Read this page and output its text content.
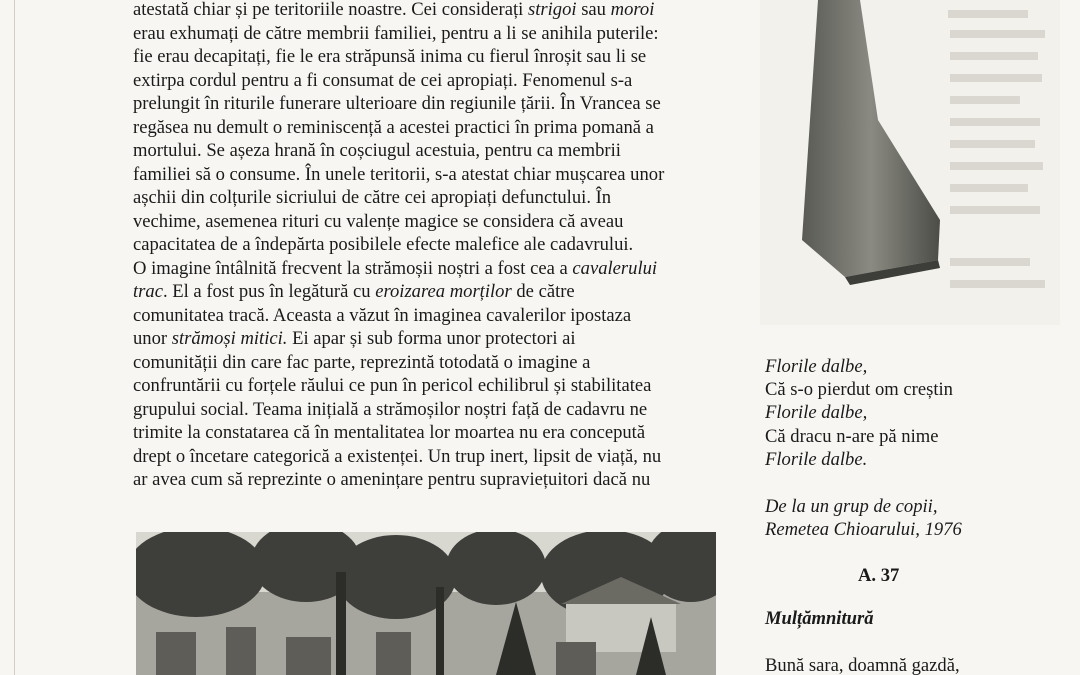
atestată chiar și pe teritoriile noastre. Cei considerați strigoi sau moroi

erau exhumați de către membrii familiei, pentru a li se anihila puterile:

fie erau decapitați, fie le era străpunsă inima cu fierul înroșit sau li se

extirpa cordul pentru a fi consumat de cei apropiați. Fenomenul s-a

prelungit în riturile funerare ulterioare din regiunile țării. În Vrancea se

regăsea nu demult o reminiscență a acestei practici în prima pomană a

mortului. Se așeza hrană în coșciugul acestuia, pentru ca membrii

familiei să o consume. În unele teritorii, s-a atestat chiar mușcarea unor

așchii din colțurile sicriului de către cei apropiați defunctului. În

vechime, asemenea rituri cu valențe magice se considera că aveau

capacitatea de a îndepărta posibilele efecte malefice ale cadavrului.

O imagine întâlnită frecvent la strămoșii noștri a fost cea a cavalerului

trac. El a fost pus în legătură cu eroizarea morților de către

comunitatea tracă. Aceasta a văzut în imaginea cavalerilor ipostaza

unor strămoși mitici. Ei apar și sub forma unor protectori ai

comunității din care fac parte, reprezintă totodată o imagine a

confruntării cu forțele răului ce pun în pericol echilibrul și stabilitatea

grupului social. Teama inițială a strămoșilor noștri față de cadavru ne

trimite la constatarea că în mentalitatea lor moartea nu era concepută

drept o încetare categorică a existenței. Un trup inert, lipsit de viață, nu

ar avea cum să reprezinte o amenințare pentru supraviețuitori dacă nu

Florile dalbe,

Că s-o pierdut om creștin

Florile dalbe,

Că dracu n-are pă nime

Florile dalbe.

De la un grup de copii,

Remetea Chioarului, 1976

A. 37
Mulțămnitură
Bună sara, doamnă gazdă,
